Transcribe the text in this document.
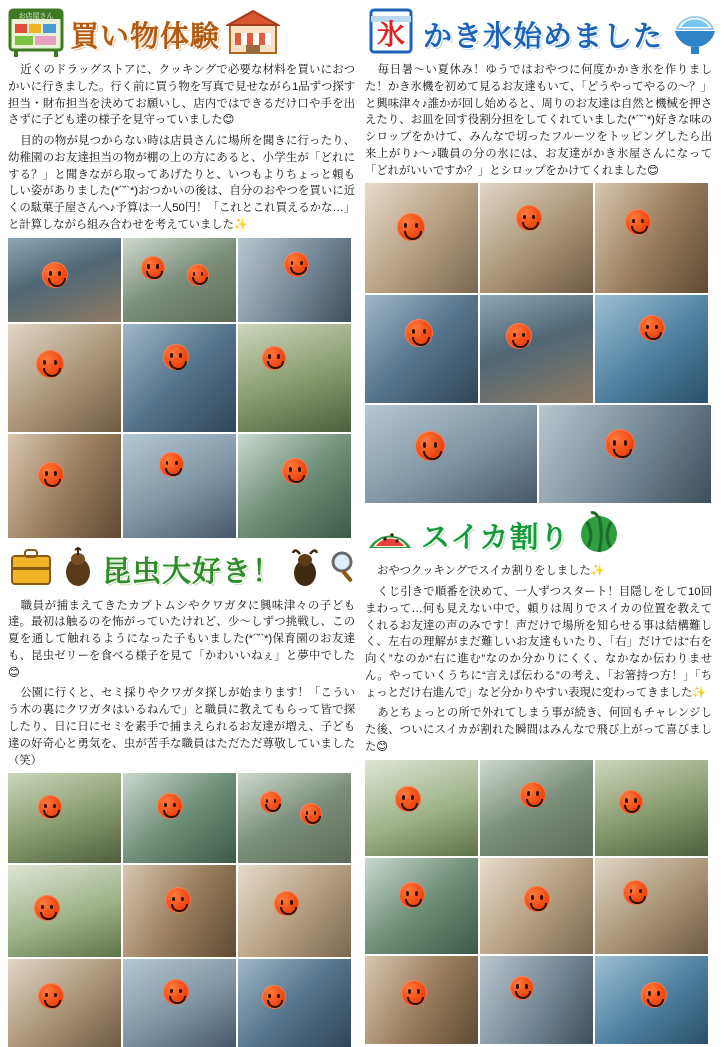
お店屋さん
買い物体験

近くのドラッグストアに、クッキングで必要な材料を買いにおつかいに行きました。行く前に買う物を写真で見せながら1品ずつ探す担当・財布担当を決めてお願いし、店内ではできるだけ口や手を出さずに子ども達の様子を見守っていました😊

目的の物が見つからない時は店員さんに場所を聞きに行ったり、幼稚園のお友達担当の物が棚の上の方にあると、小学生が「どれにする？」と聞きながら取ってあげたりと、いつもよりちょっと頼もしい姿がありました(*´˘`*)おつかいの後は、自分のおやつを買いに近くの駄菓子屋さんへ♪予算は一人50円！「これとこれ買えるかな…」と計算しながら組み合わせを考えていました✨

昆虫大好き！

職員が捕まえてきたカブトムシやクワガタに興味津々の子ども達。最初は触るのを怖がっていたけれど、少〜しずつ挑戦し、この夏を通して触れるようになった子もいました(*´˘`*)保育園のお友達も、昆虫ゼリーを食べる様子を見て「かわいいねぇ」と夢中でした😊

公園に行くと、セミ採りやクワガタ探しが始まります！「こういう木の裏にクワガタはいるねんで」と職員に教えてもらって皆で探したり、日に日にセミを素手で捕まえられるお友達が増え、子ども達の好奇心と勇気を、虫が苦手な職員はただただ尊敬していました（笑）

氷 かき氷始めました

毎日暑〜い夏休み！ゆうではおやつに何度かかき氷を作りました！かき氷機を初めて見るお友達もいて、「どうやってやるの〜？」と興味津々♪誰かが回し始めると、周りのお友達は自然と機械を押さえたり、お皿を回す役割分担をしてくれていました(*´˘`*)好きな味のシロップをかけて、みんなで切ったフルーツをトッピングしたら出来上がり♪〜♪職員の分の氷には、お友達がかき氷屋さんになって「どれがいいですか？」とシロップをかけてくれました😊

スイカ割り

おやつクッキングでスイカ割りをしました✨

くじ引きで順番を決めて、一人ずつスタート！目隠しをして10回まわって…何も見えない中で、頼りは周りでスイカの位置を教えてくれるお友達の声のみです！声だけで場所を知らせる事は結構難しく、左右の理解がまだ難しいお友達もいたり、「右」だけでは“右を向く”なのか“右に進む”なのか分かりにくく、なかなか伝わりません。やっていくうちに“言えば伝わる”の考え、「お箸持つ方！」「ちょっとだけ右進んで」など分かりやすい表現に変わってきました✨

あとちょっとの所で外れてしまう事が続き、何回もチャレンジした後、ついにスイカが割れた瞬間はみんなで飛び上がって喜びました😊
